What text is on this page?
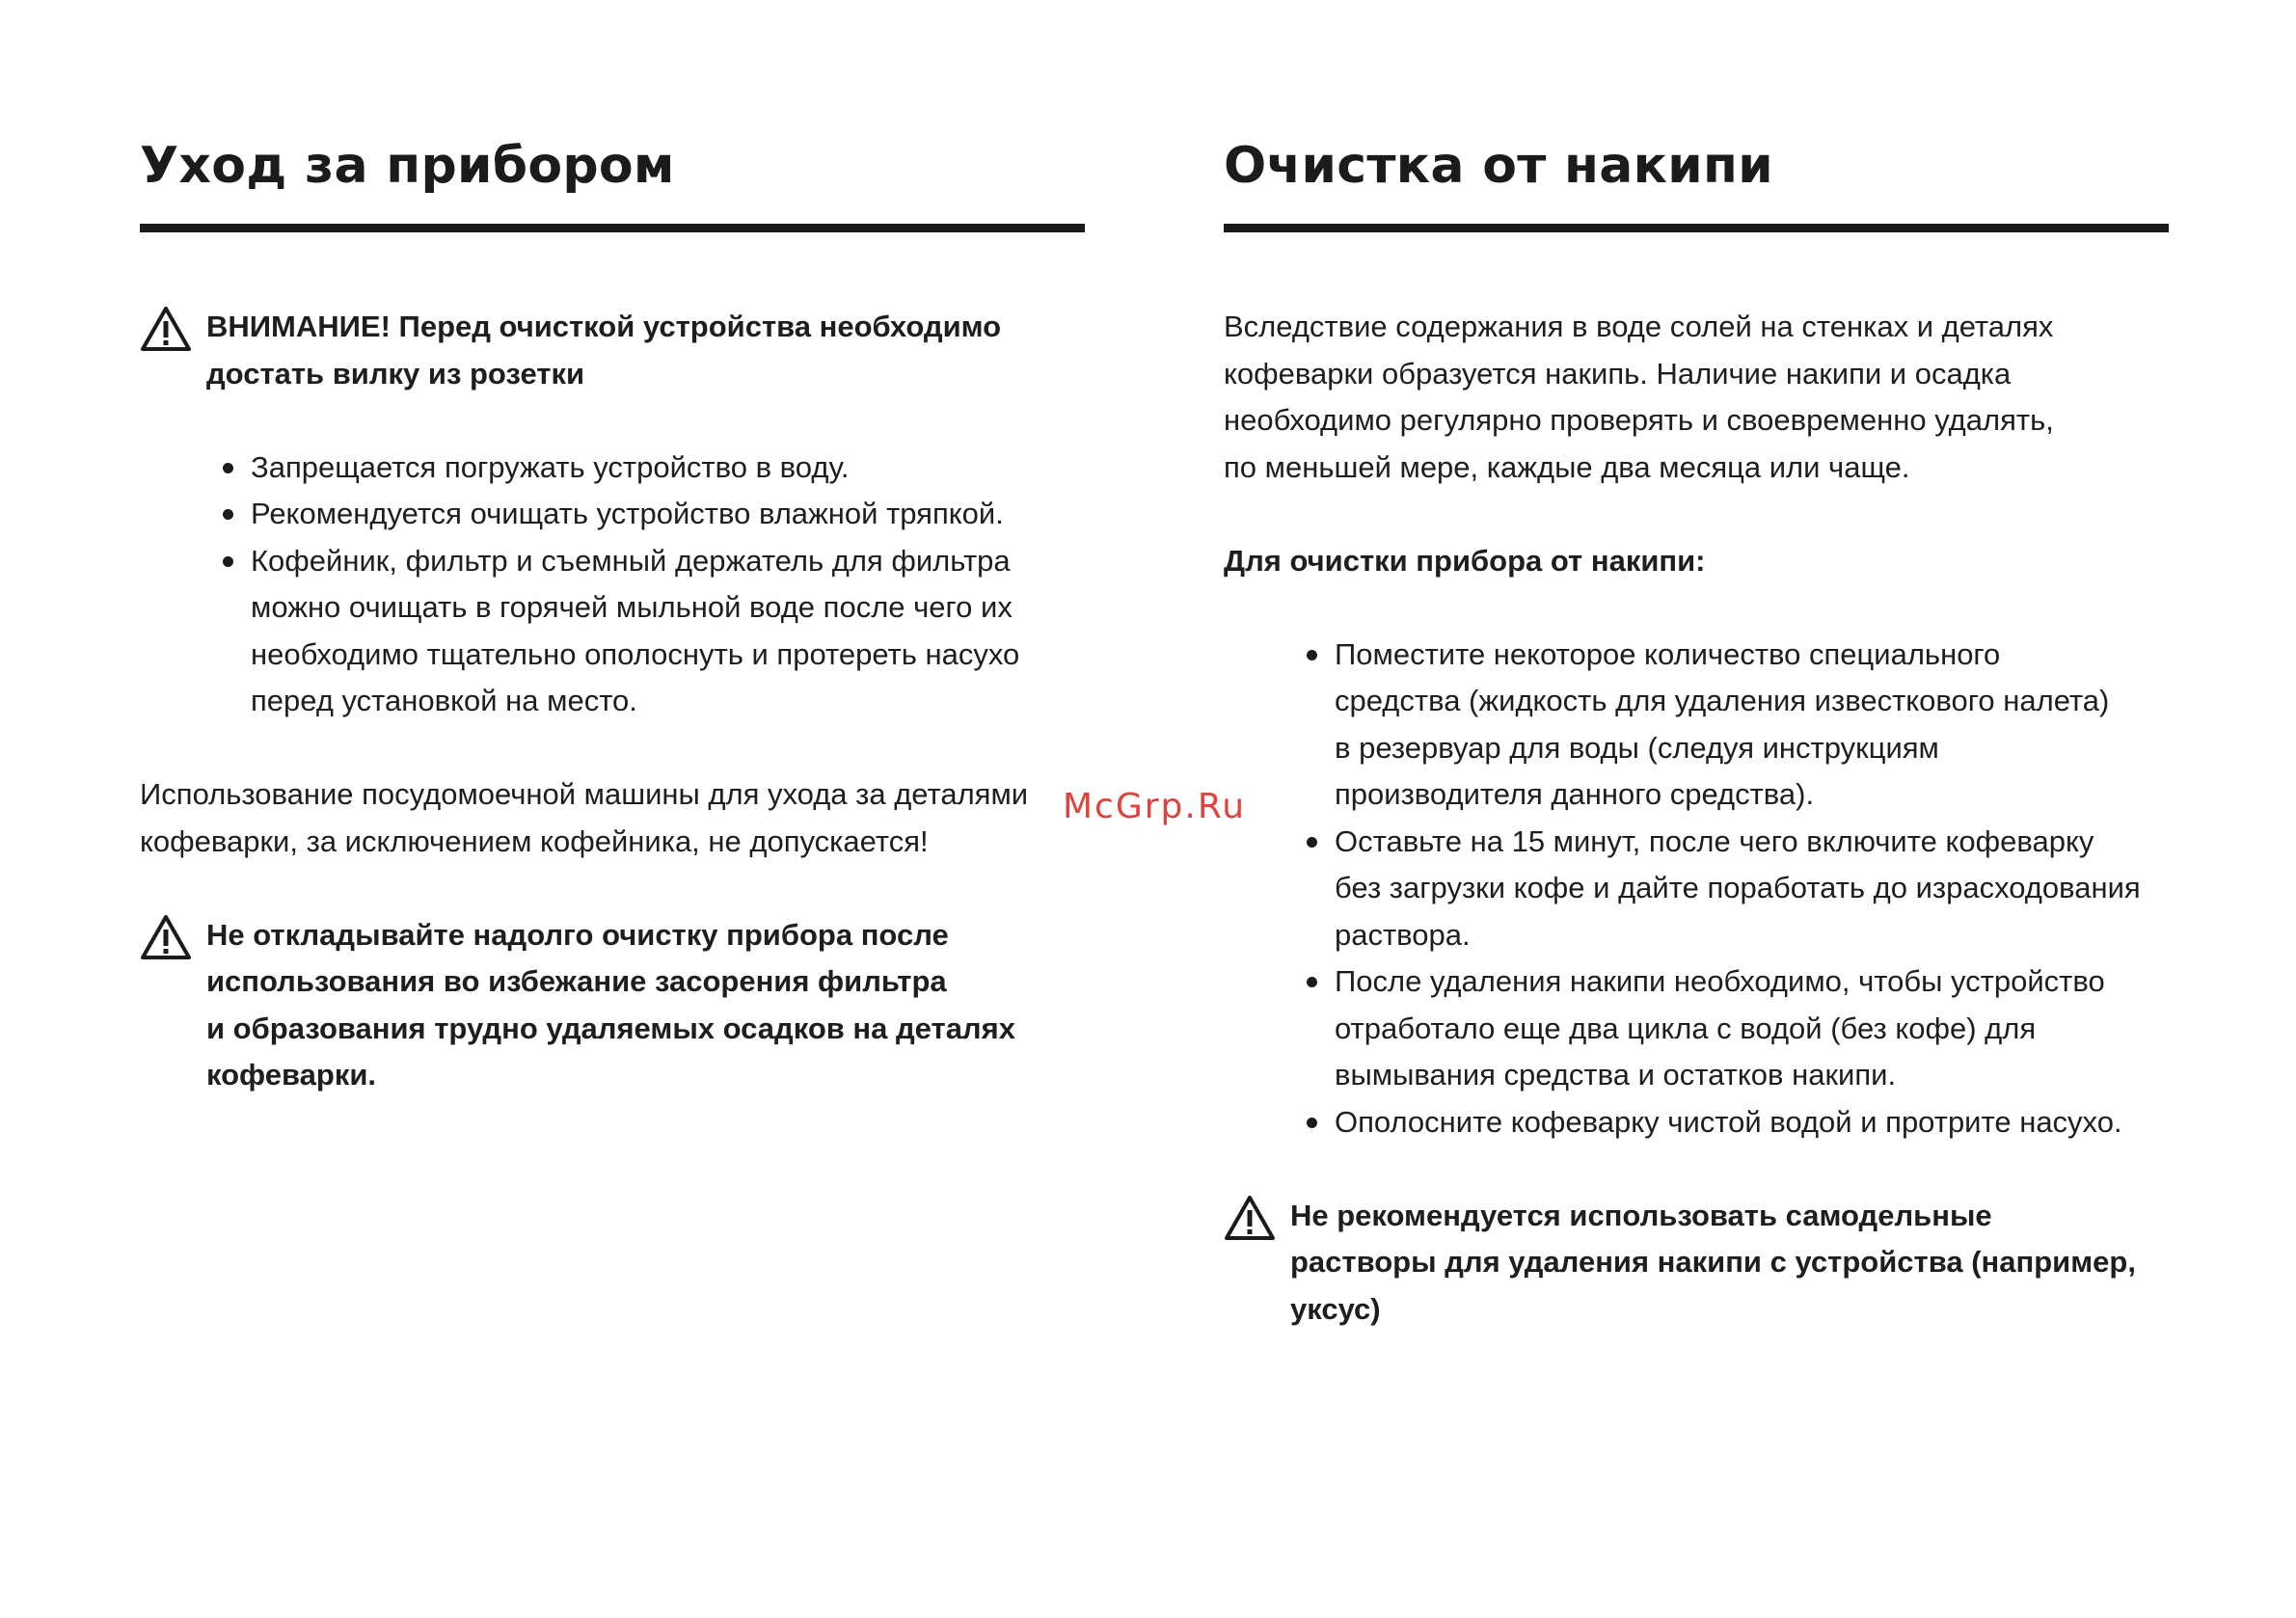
Уход за прибором
ВНИМАНИЕ! Перед очисткой устройства необходимо
достать вилку из розетки
Запрещается погружать устройство в воду.
Рекомендуется очищать устройство влажной тряпкой.
Кофейник, фильтр и съемный держатель для фильтра
можно очищать в горячей мыльной воде после чего их
необходимо тщательно ополоснуть и протереть насухо
перед установкой на место.
Использование посудомоечной машины для ухода за деталями
кофеварки, за исключением кофейника, не допускается!
Не откладывайте надолго очистку прибора после
использования во избежание засорения фильтра
и образования трудно удаляемых осадков на деталях
кофеварки.
Очистка от накипи
Вследствие содержания в воде солей на стенках и деталях
кофеварки образуется накипь. Наличие накипи и осадка
необходимо регулярно проверять и своевременно удалять,
по меньшей мере, каждые два месяца или чаще.
Для очистки прибора от накипи:
Поместите некоторое количество специального
средства (жидкость для удаления известкового налета)
в резервуар для воды (следуя инструкциям
производителя данного средства).
Оставьте на 15 минут, после чего включите кофеварку
без загрузки кофе и дайте поработать до израсходования
раствора.
После удаления накипи необходимо, чтобы устройство
отработало еще два цикла с водой (без кофе) для
вымывания средства и остатков накипи.
Ополосните кофеварку чистой водой и протрите насухо.
Не рекомендуется использовать самодельные
растворы для удаления накипи с устройства (например,
уксус)
McGrp.Ru
